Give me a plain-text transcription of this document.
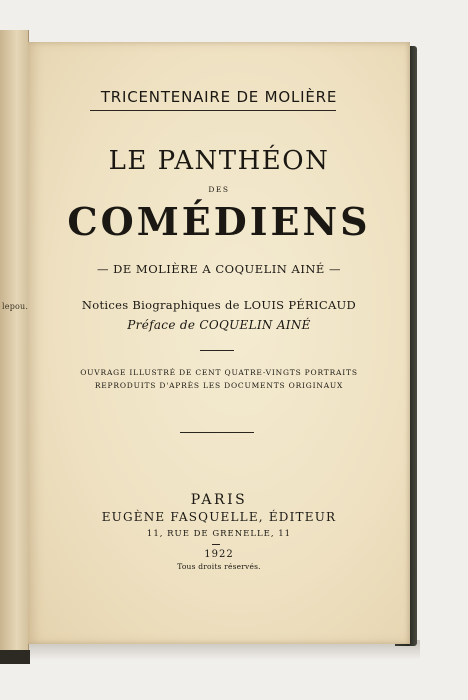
lepou.
TRICENTENAIRE DE MOLIÈRE
LE PANTHÉON
DES
COMÉDIENS
— DE MOLIÈRE A COQUELIN AINÉ —
Notices Biographiques de LOUIS PÉRICAUD
Préface de COQUELIN AINÉ
OUVRAGE ILLUSTRÉ DE CENT QUATRE-VINGTS PORTRAITS
REPRODUITS D'APRÈS LES DOCUMENTS ORIGINAUX
PARIS
EUGÈNE FASQUELLE, ÉDITEUR
11, RUE DE GRENELLE, 11
1922
Tous droits réservés.
